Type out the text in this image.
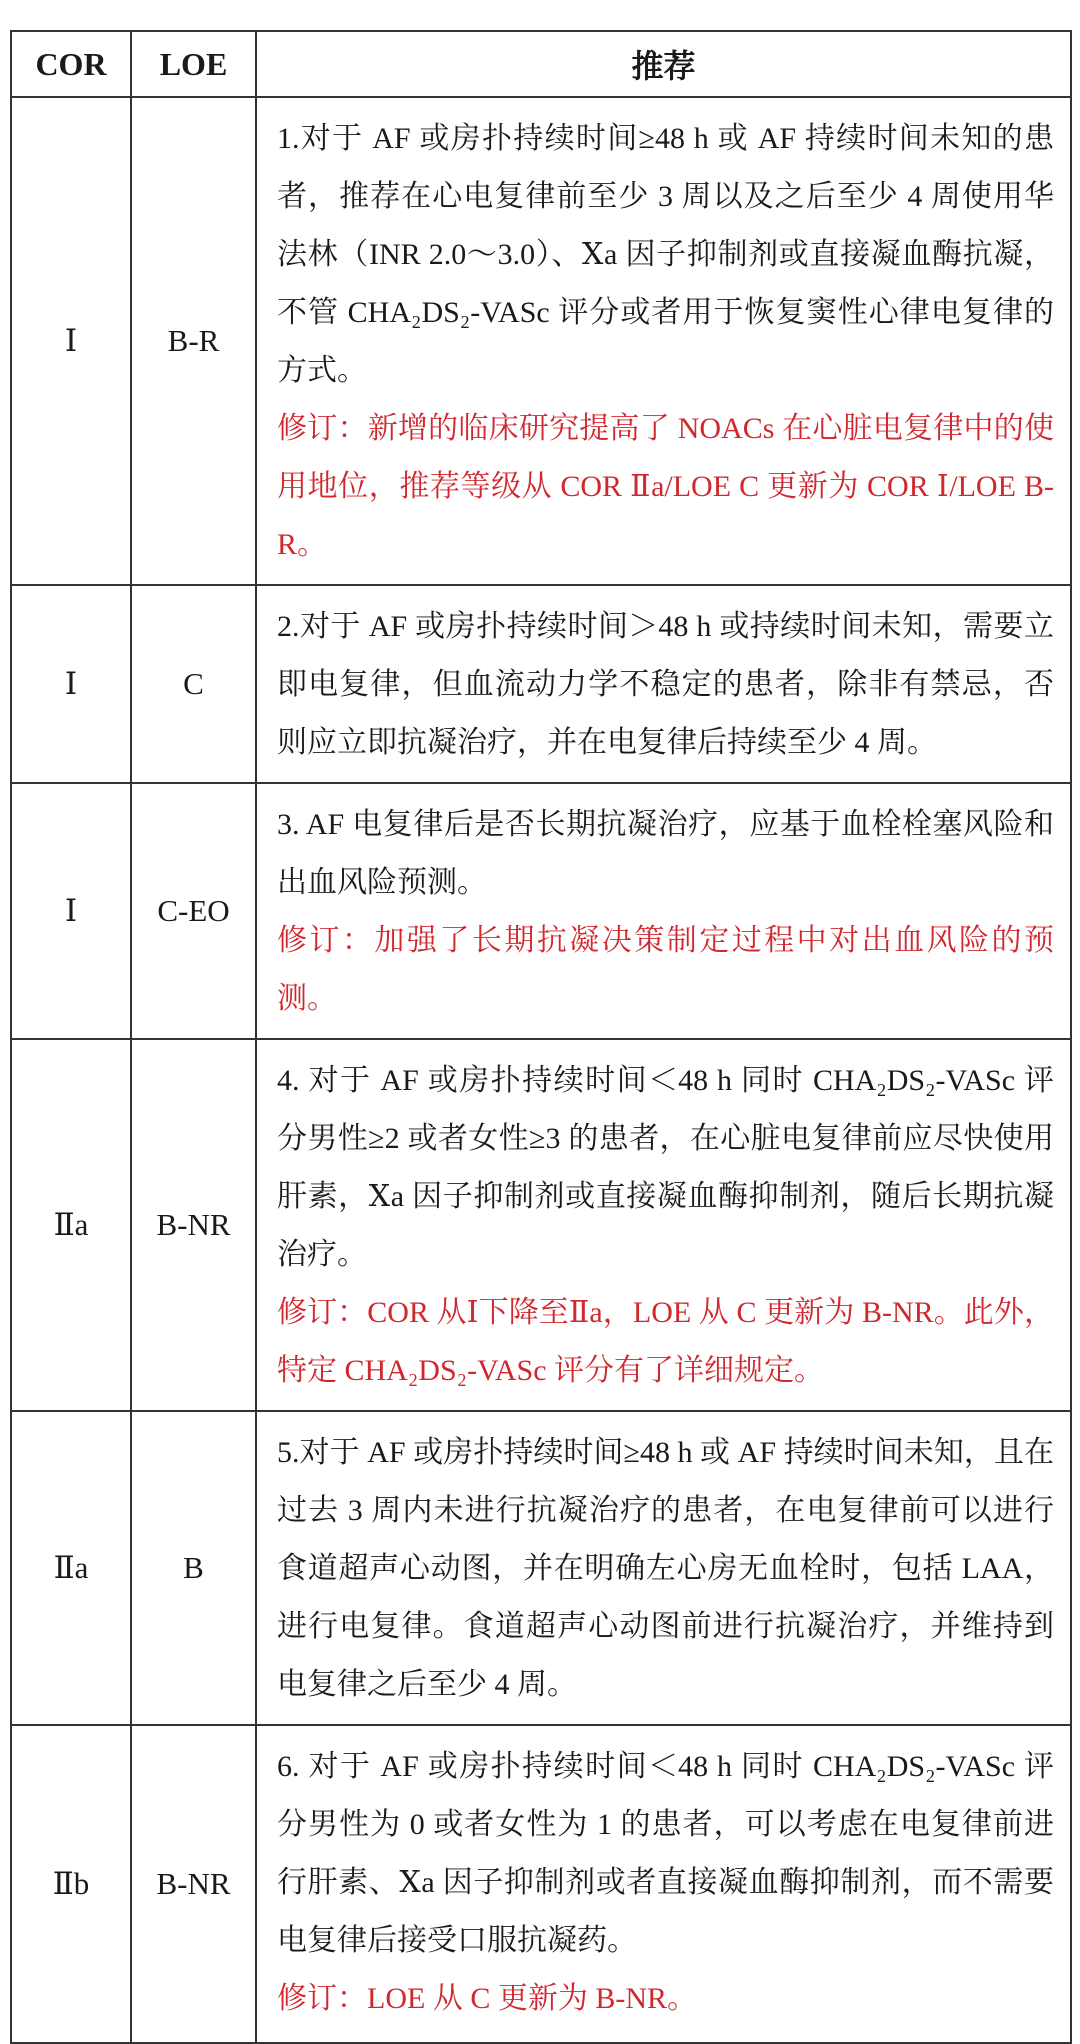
COR	LOE	推荐
Ⅰ	B-R	1.对于 AF 或房扑持续时间≥48 h 或 AF 持续时间未知的患者，推荐在心电复律前至少 3 周以及之后至少 4 周使用华法林（INR 2.0～3.0）、Ⅹa 因子抑制剂或直接凝血酶抗凝，不管 CHA₂DS₂-VASc 评分或者用于恢复窦性心律电复律的方式。

修订：新增的临床研究提高了 NOACs 在心脏电复律中的使用地位，推荐等级从 COR Ⅱa/LOE C 更新为 COR Ⅰ/LOE B-R。

Ⅰ	C	2.对于 AF 或房扑持续时间＞48 h 或持续时间未知，需要立即电复律，但血流动力学不稳定的患者，除非有禁忌，否则应立即抗凝治疗，并在电复律后持续至少 4 周。

Ⅰ	C-EO	3. AF 电复律后是否长期抗凝治疗，应基于血栓栓塞风险和出血风险预测。

修订：加强了长期抗凝决策制定过程中对出血风险的预测。

Ⅱa	B-NR	4. 对于 AF 或房扑持续时间＜48 h 同时 CHA₂DS₂-VASc 评分男性≥2 或者女性≥3 的患者，在心脏电复律前应尽快使用肝素，Ⅹa 因子抑制剂或直接凝血酶抑制剂，随后长期抗凝治疗。

修订：COR 从Ⅰ下降至Ⅱa，LOE 从 C 更新为 B-NR。此外，特定 CHA₂DS₂-VASc 评分有了详细规定。

Ⅱa	B	5.对于 AF 或房扑持续时间≥48 h 或 AF 持续时间未知，且在过去 3 周内未进行抗凝治疗的患者，在电复律前可以进行食道超声心动图，并在明确左心房无血栓时，包括 LAA，进行电复律。食道超声心动图前进行抗凝治疗，并维持到电复律之后至少 4 周。

Ⅱb	B-NR	6. 对于 AF 或房扑持续时间＜48 h 同时 CHA₂DS₂-VASc 评分男性为 0 或者女性为 1 的患者，可以考虑在电复律前进行肝素、Ⅹa 因子抑制剂或者直接凝血酶抑制剂，而不需要电复律后接受口服抗凝药。

修订：LOE 从 C 更新为 B-NR。
